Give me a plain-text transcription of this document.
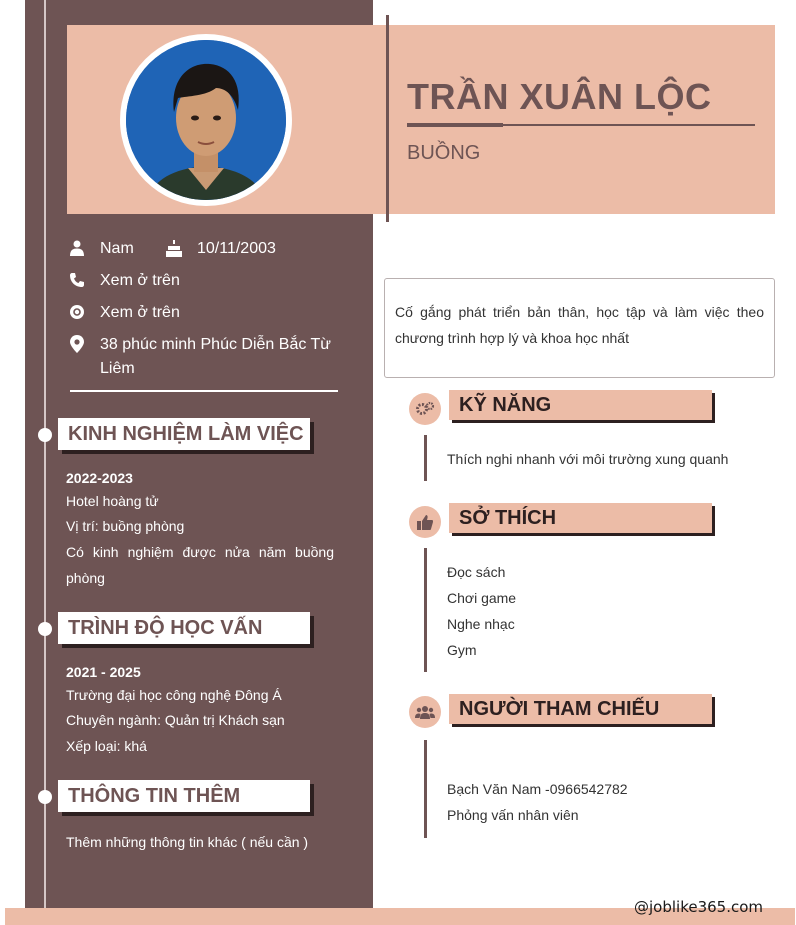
TRẦN XUÂN LỘC
BUỒNG
Nam	10/11/2003
Xem ở trên
Xem ở trên
38 phúc minh Phúc Diễn Bắc Từ Liêm
KINH NGHIỆM LÀM VIỆC
2022-2023
Hotel hoàng tử
Vị trí: buồng phòng
Có kinh nghiệm được nửa năm buồng phòng
TRÌNH ĐỘ HỌC VẤN
2021 - 2025
Trường đại học công nghệ Đông Á
Chuyên ngành: Quản trị Khách sạn
Xếp loại: khá
THÔNG TIN THÊM
Thêm những thông tin khác ( nếu cần )
Cố gắng phát triển bản thân, học tập và làm việc theo chương trình hợp lý và khoa học nhất
KỸ NĂNG
Thích nghi nhanh với môi trường xung quanh
SỞ THÍCH
Đọc sách
Chơi game
Nghe nhạc
Gym
NGƯỜI THAM CHIẾU
Bạch Văn Nam -0966542782
Phỏng vấn nhân viên
@joblike365.com
